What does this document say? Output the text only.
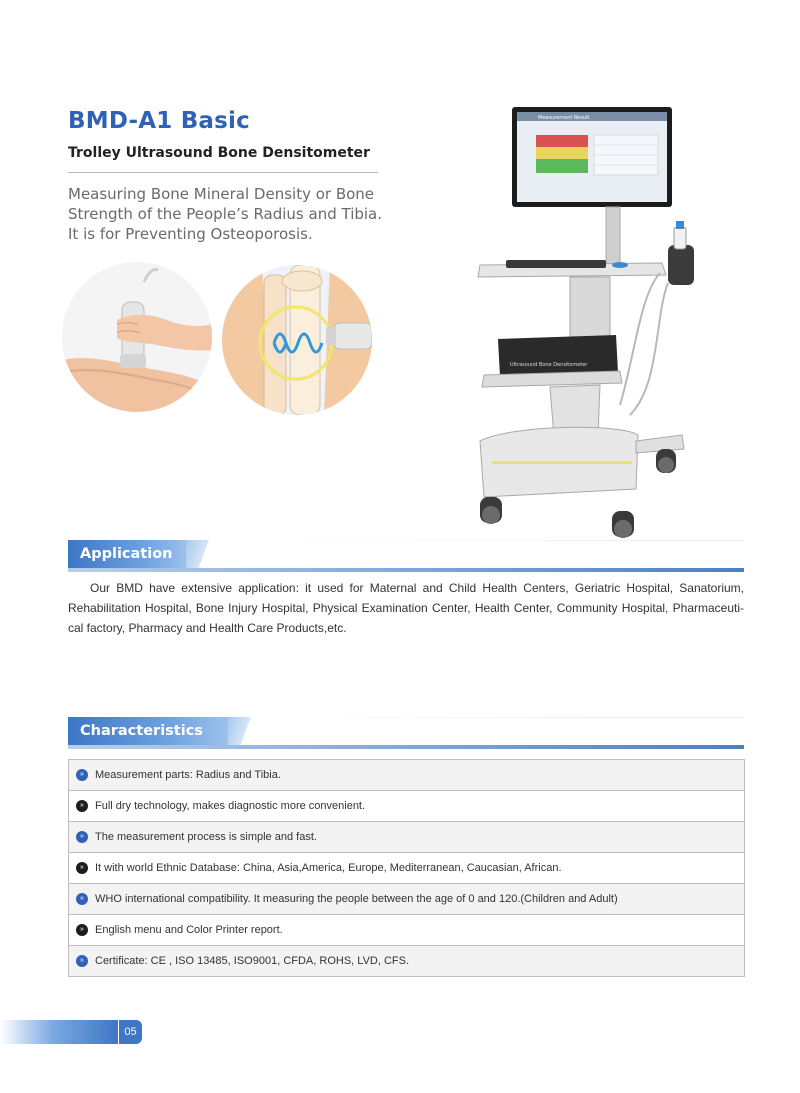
BMD-A1 Basic
Trolley Ultrasound Bone Densitometer

Measuring Bone Mineral Density or Bone
Strength of the People’s Radius and Tibia.
It is for Preventing Osteoporosis.

Measurement Result
Ultrasound Bone Densitometer
Application

Our BMD have extensive application: it used for Maternal and Child Health Centers, Geriatric Hospital, Sanatorium, Rehabilitation Hospital, Bone Injury Hospital, Physical Examination Center, Health Center, Community Hospital, Pharmaceuti-cal factory, Pharmacy and Health Care Products,etc.

Characteristics
»	Measurement parts: Radius and Tibia.
»	Full dry technology, makes diagnostic more convenient.
»	The measurement process is simple and fast.
»	It with world Ethnic Database: China, Asia,America, Europe, Mediterranean, Caucasian, African.
»	WHO international compatibility. It measuring the people between the age of 0 and 120.(Children and Adult)
»	English menu and Color Printer report.
»	Certificate: CE , ISO 13485, ISO9001, CFDA, ROHS, LVD, CFS.
05
